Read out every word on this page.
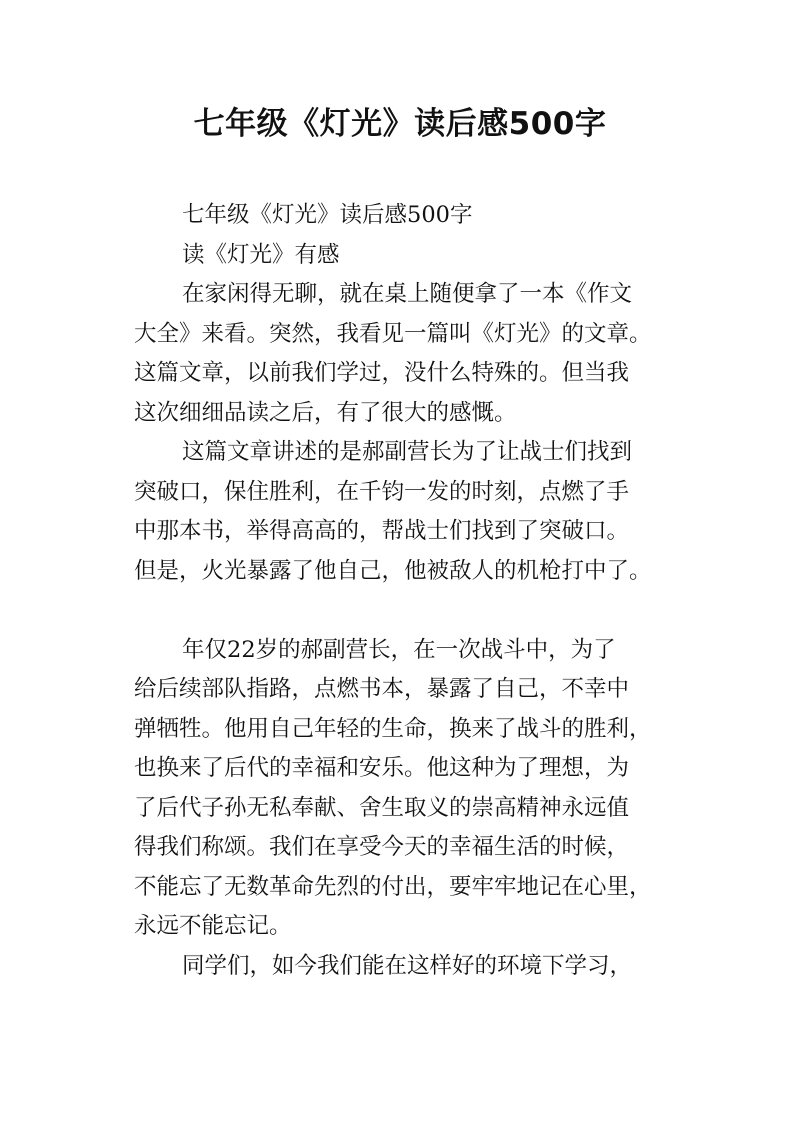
七年级《灯光》读后感500字
七年级《灯光》读后感500字
读《灯光》有感
在家闲得无聊，就在桌上随便拿了一本《作文
大全》来看。突然，我看见一篇叫《灯光》的文章。
这篇文章，以前我们学过，没什么特殊的。但当我
这次细细品读之后，有了很大的感慨。
这篇文章讲述的是郝副营长为了让战士们找到
突破口，保住胜利，在千钧一发的时刻，点燃了手
中那本书，举得高高的，帮战士们找到了突破口。
但是，火光暴露了他自己，他被敌人的机枪打中了。
年仅22岁的郝副营长，在一次战斗中，为了
给后续部队指路，点燃书本，暴露了自己，不幸中
弹牺牲。他用自己年轻的生命，换来了战斗的胜利，
也换来了后代的幸福和安乐。他这种为了理想，为
了后代子孙无私奉献、舍生取义的崇高精神永远值
得我们称颂。我们在享受今天的幸福生活的时候，
不能忘了无数革命先烈的付出，要牢牢地记在心里，
永远不能忘记。
同学们，如今我们能在这样好的环境下学习，
